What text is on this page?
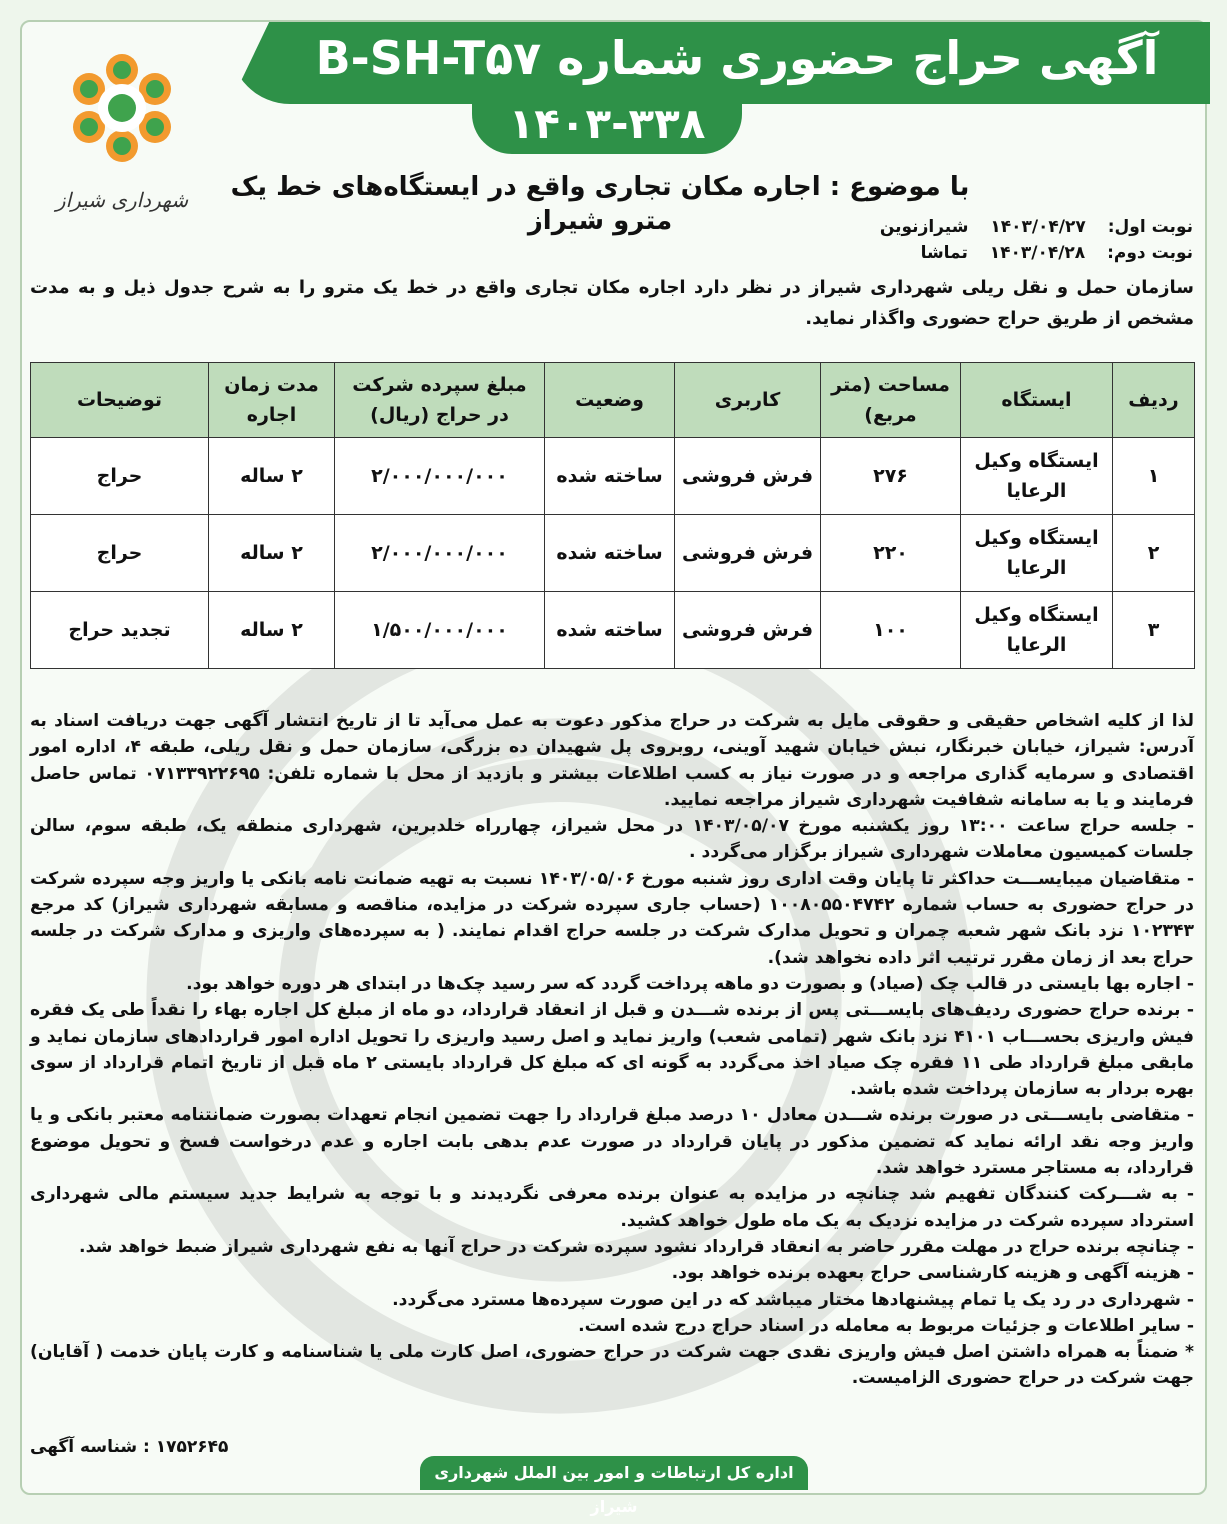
شهرداری شیراز
آگهی حراج حضوری شماره B-SH-T۵۷
۱۴۰۳-۳۳۸
با موضوع : اجاره مکان تجاری واقع در ایستگاه‌های خط یک مترو شیراز	نوبت اول: ۱۴۰۳/۰۴/۲۷ شیرازنوین
نوبت دوم: ۱۴۰۳/۰۴/۲۸ تماشا
سازمان حمل و نقل ریلی شهرداری شیراز در نظر دارد اجاره مکان تجاری واقع در خط یک مترو را به شرح جدول ذیل و به مدت مشخص از طریق حراج حضوری واگذار نماید.
ردیف	ایستگاه	مساحت (متر مربع)	کاربری	وضعیت	مبلغ سپرده شرکت در حراج (ریال)	مدت زمان اجاره	توضیحات
۱	ایستگاه وکیل الرعایا	۲۷۶	فرش فروشی	ساخته شده	۲/۰۰۰/۰۰۰/۰۰۰	۲ ساله	حراج
۲	ایستگاه وکیل الرعایا	۲۲۰	فرش فروشی	ساخته شده	۲/۰۰۰/۰۰۰/۰۰۰	۲ ساله	حراج
۳	ایستگاه وکیل الرعایا	۱۰۰	فرش فروشی	ساخته شده	۱/۵۰۰/۰۰۰/۰۰۰	۲ ساله	تجدید حراج

لذا از کلیه اشخاص حقیقی و حقوقی مایل به شرکت در حراج مذکور دعوت به عمل می‌آید تا از تاریخ انتشار آگهی جهت دریافت اسناد به آدرس: شیراز، خیابان خبرنگار، نبش خیابان شهید آوینی، روبروی پل شهیدان ده بزرگی، سازمان حمل و نقل ریلی، طبقه ۴، اداره امور اقتصادی و سرمایه گذاری مراجعه و در صورت نیاز به کسب اطلاعات بیشتر و بازدید از محل با شماره تلفن: ۰۷۱۳۳۹۲۲۶۹۵ تماس حاصل فرمایند و یا به سامانه شفافیت شهرداری شیراز مراجعه نمایید.

- جلسه حراج ساعت ۱۳:۰۰ روز یکشنبه مورخ ۱۴۰۳/۰۵/۰۷ در محل شیراز، چهارراه خلدبرین، شهرداری منطقه یک، طبقه سوم، سالن جلسات کمیسیون معاملات شهرداری شیراز برگزار می‌گردد .

- متقاضیان میبایســـت حداکثر تا پایان وقت اداری روز شنبه مورخ ۱۴۰۳/۰۵/۰۶ نسبت به تهیه ضمانت نامه بانکی یا واریز وجه سپرده شرکت در حراج حضوری به حساب شماره ۱۰۰۸۰۵۵۰۴۷۴۲ (حساب جاری سپرده شرکت در مزایده، مناقصه و مسابقه شهرداری شیراز) کد مرجع ۱۰۲۳۴۳ نزد بانک شهر شعبه چمران و تحویل مدارک شرکت در جلسه حراج اقدام نمایند. ( به سپرده‌های واریزی و مدارک شرکت در جلسه حراج بعد از زمان مقرر ترتیب اثر داده نخواهد شد).

- اجاره بها بایستی در قالب چک (صیاد) و بصورت دو ماهه پرداخت گردد که سر رسید چک‌ها در ابتدای هر دوره خواهد بود.

- برنده حراج حضوری ردیف‌های بایســـتی پس از برنده شـــدن و قبل از انعقاد قرارداد، دو ماه از مبلغ کل اجاره بهاء را نقداً طی یک فقره فیش واریزی بحســـاب ۴۱۰۱ نزد بانک شهر (تمامی شعب) واریز نماید و اصل رسید واریزی را تحویل اداره امور قراردادهای سازمان نماید و مابقی مبلغ قرارداد طی ۱۱ فقره چک صیاد اخذ می‌گردد به گونه ای که مبلغ کل قرارداد بایستی ۲ ماه قبل از تاریخ اتمام قرارداد از سوی بهره بردار به سازمان پرداخت شده باشد.

- متقاضی بایســـتی در صورت برنده شـــدن معادل ۱۰ درصد مبلغ قرارداد را جهت تضمین انجام تعهدات بصورت ضمانتنامه معتبر بانکی و یا واریز وجه نقد ارائه نماید که تضمین مذکور در پایان قرارداد در صورت عدم بدهی بابت اجاره و عدم درخواست فسخ و تحویل موضوع قرارداد، به مستاجر مسترد خواهد شد.

- به شـــرکت کنندگان تفهیم شد چنانچه در مزایده به عنوان برنده معرفی نگردیدند و با توجه به شرایط جدید سیستم مالی شهرداری استرداد سپرده شرکت در مزایده نزدیک به یک ماه طول خواهد کشید.

- چنانچه برنده حراج در مهلت مقرر حاضر به انعقاد قرارداد نشود سپرده شرکت در حراج آنها به نفع شهرداری شیراز ضبط خواهد شد.

- هزینه آگهی و هزینه کارشناسی حراج بعهده برنده خواهد بود.

- شهرداری در رد یک یا تمام پیشنهادها مختار میباشد که در این صورت سپرده‌ها مسترد می‌گردد.

- سایر اطلاعات و جزئیات مربوط به معامله در اسناد حراج درج شده است.

* ضمناً به همراه داشتن اصل فیش واریزی نقدی جهت شرکت در حراج حضوری، اصل کارت ملی یا شناسنامه و کارت پایان خدمت ( آقایان) جهت شرکت در حراج حضوری الزامیست.

۱۷۵۲۶۴۵ : شناسه آگهی
اداره کل ارتباطات و امور بین الملل شهرداری شیراز
